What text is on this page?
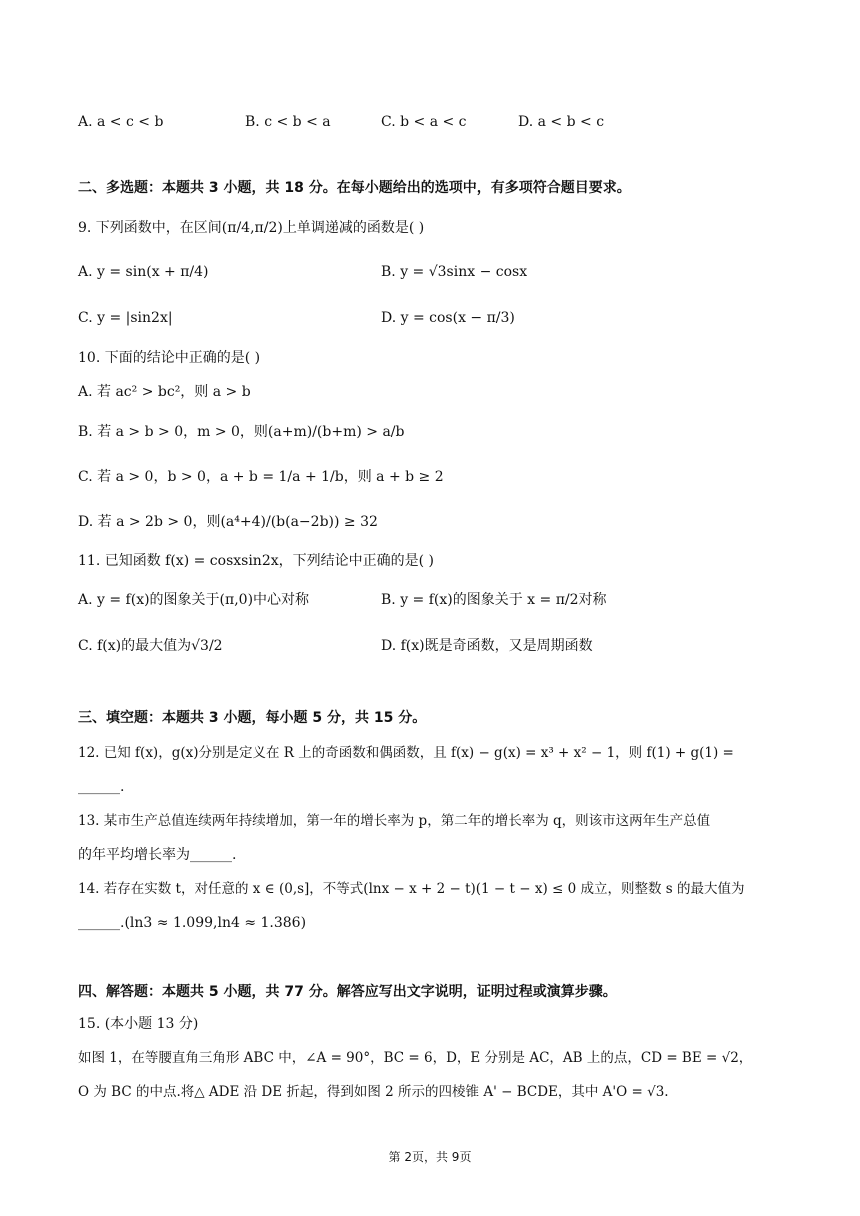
A. a < c < b	B. c < b < a	C. b < a < c	D. a < b < c
二、多选题：本题共 3 小题，共 18 分。在每小题给出的选项中，有多项符合题目要求。
9. 下列函数中，在区间(π/4,π/2)上单调递减的函数是( )
A. y = sin(x + π/4)	B. y = √3sinx − cosx
C. y = |sin2x|	D. y = cos(x − π/3)
10. 下面的结论中正确的是( )
A. 若 ac² > bc²，则 a > b
B. 若 a > b > 0，m > 0，则(a+m)/(b+m) > a/b
C. 若 a > 0，b > 0，a + b = 1/a + 1/b，则 a + b ≥ 2
D. 若 a > 2b > 0，则(a⁴+4)/(b(a−2b)) ≥ 32
11. 已知函数 f(x) = cosxsin2x，下列结论中正确的是( )
A. y = f(x)的图象关于(π,0)中心对称	B. y = f(x)的图象关于 x = π/2对称
C. f(x)的最大值为√3/2	D. f(x)既是奇函数，又是周期函数
三、填空题：本题共 3 小题，每小题 5 分，共 15 分。
12. 已知 f(x)，g(x)分别是定义在 R 上的奇函数和偶函数，且 f(x) − g(x) = x³ + x² − 1，则 f(1) + g(1) =
______.
13. 某市生产总值连续两年持续增加，第一年的增长率为 p，第二年的增长率为 q，则该市这两年生产总值
的年平均增长率为______.
14. 若存在实数 t，对任意的 x ∈ (0,s]，不等式(lnx − x + 2 − t)(1 − t − x) ≤ 0 成立，则整数 s 的最大值为
______.(ln3 ≈ 1.099,ln4 ≈ 1.386)
四、解答题：本题共 5 小题，共 77 分。解答应写出文字说明，证明过程或演算步骤。
15. (本小题 13 分)
如图 1，在等腰直角三角形 ABC 中，∠A = 90°，BC = 6，D，E 分别是 AC，AB 上的点，CD = BE = √2，
O 为 BC 的中点.将△ ADE 沿 DE 折起，得到如图 2 所示的四棱锥 A' − BCDE，其中 A'O = √3.
第 2页，共 9页
